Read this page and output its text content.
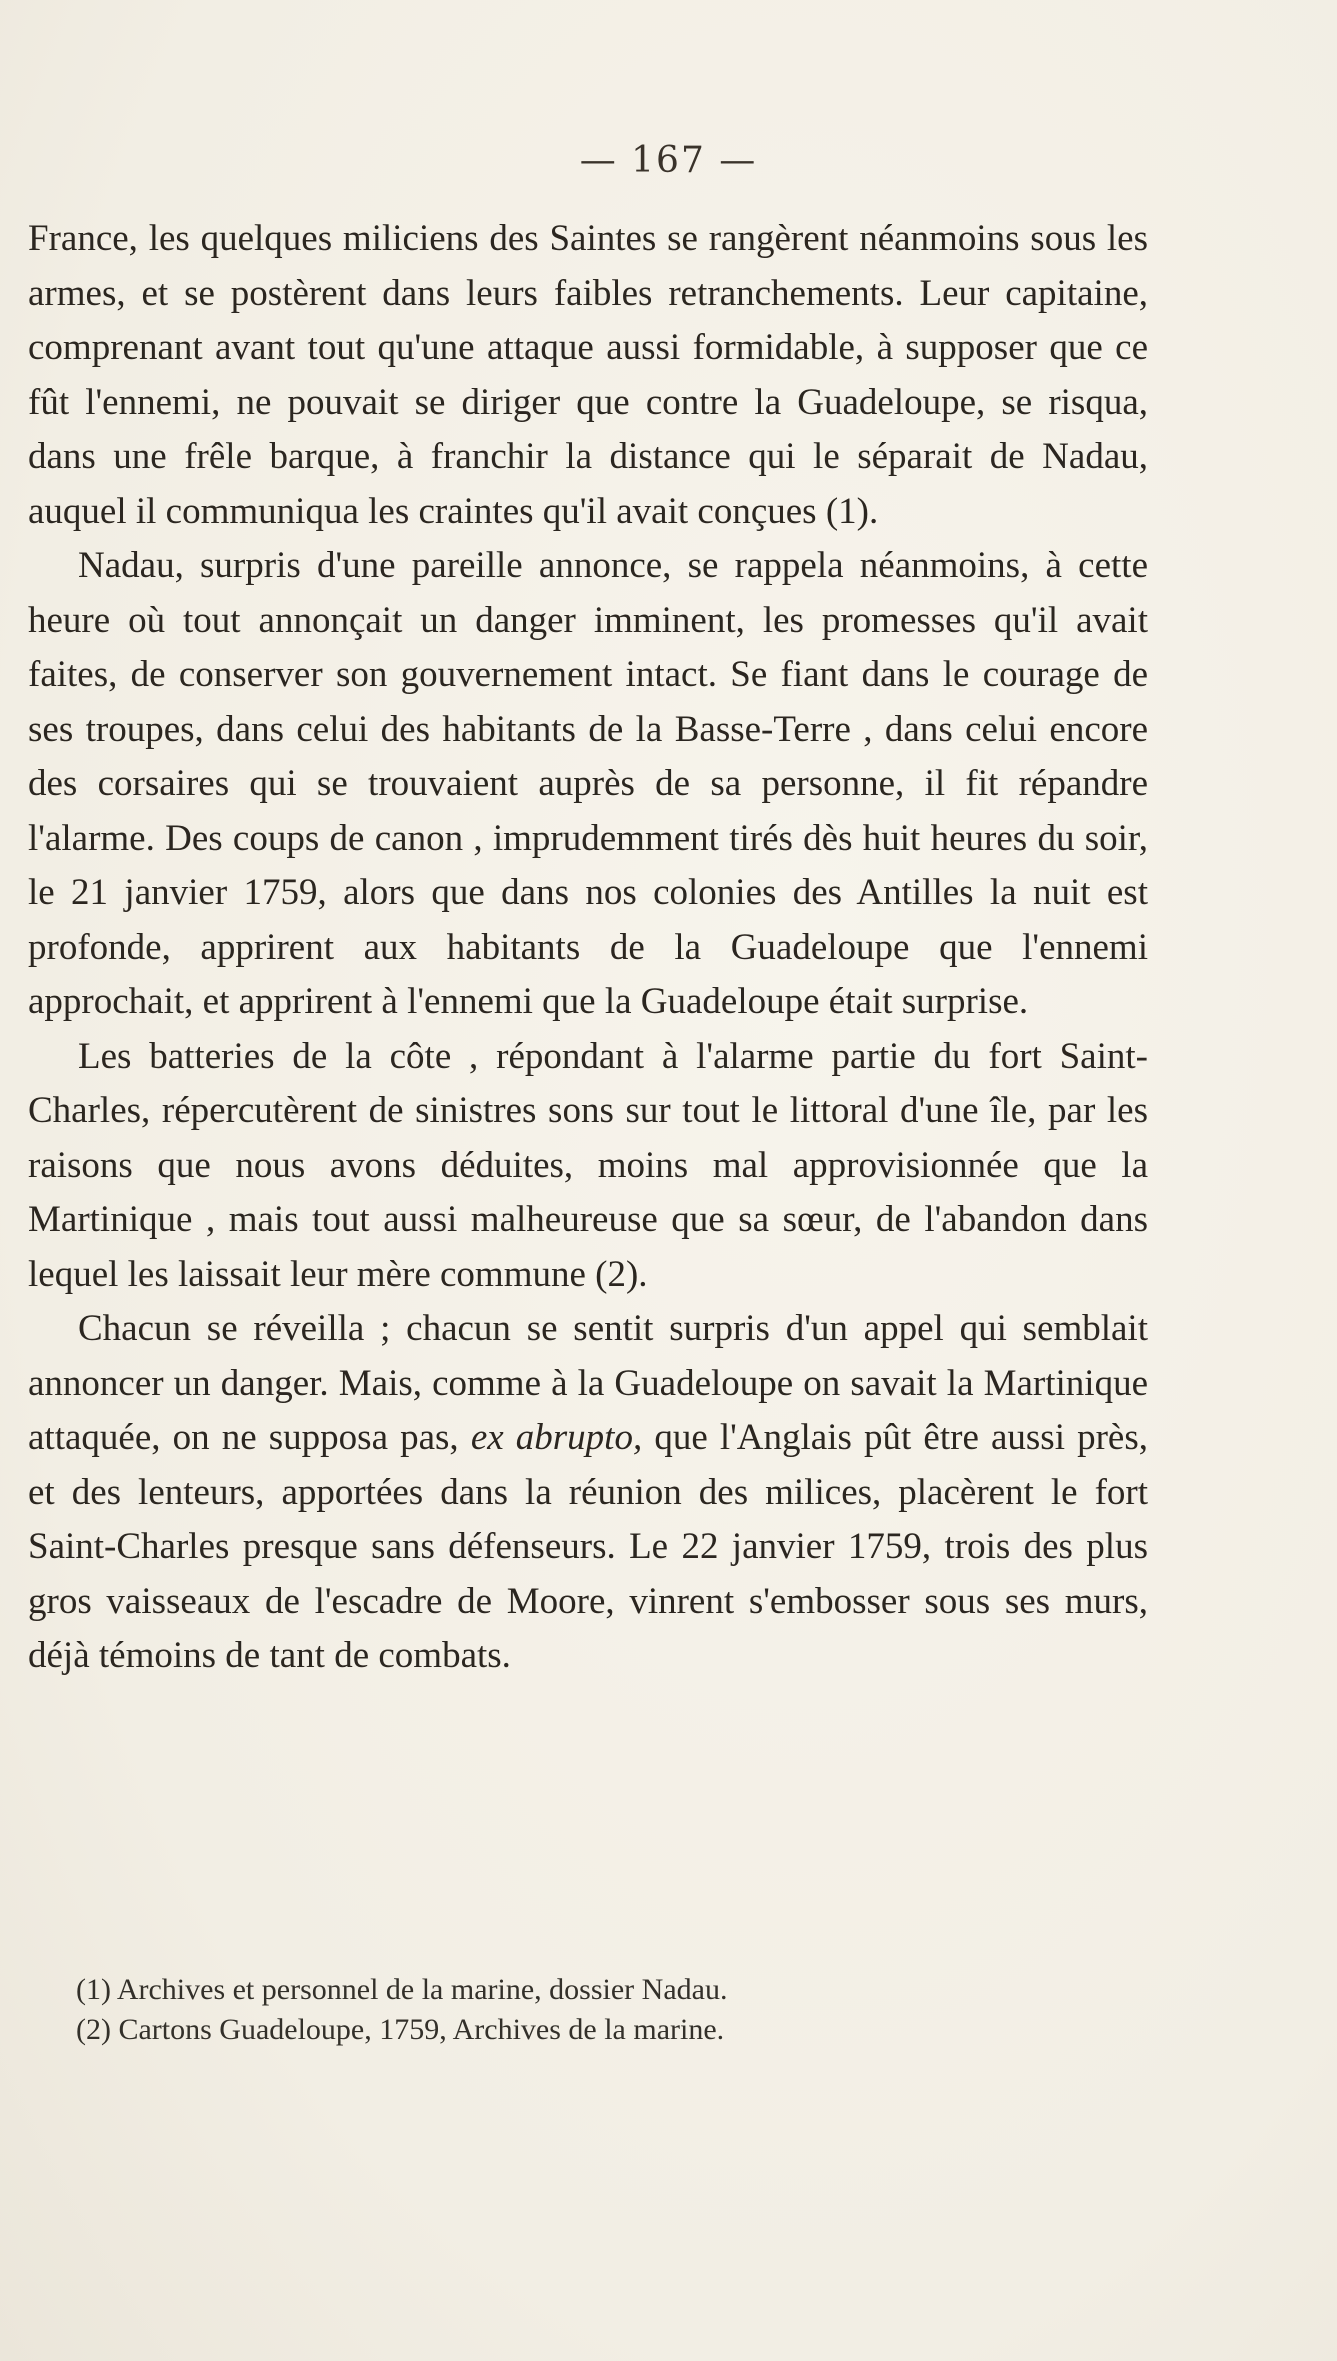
— 167 —

France, les quelques miliciens des Saintes se rangèrent néanmoins sous les armes, et se postèrent dans leurs faibles retranchements. Leur capitaine, comprenant avant tout qu'une attaque aussi formidable, à supposer que ce fût l'ennemi, ne pouvait se diriger que contre la Guadeloupe, se risqua, dans une frêle barque, à franchir la distance qui le séparait de Nadau, auquel il communiqua les craintes qu'il avait conçues (1).

Nadau, surpris d'une pareille annonce, se rappela néanmoins, à cette heure où tout annonçait un danger imminent, les promesses qu'il avait faites, de conserver son gouvernement intact. Se fiant dans le courage de ses troupes, dans celui des habitants de la Basse-Terre , dans celui encore des corsaires qui se trouvaient auprès de sa personne, il fit répandre l'alarme. Des coups de canon , imprudemment tirés dès huit heures du soir, le 21 janvier 1759, alors que dans nos colonies des Antilles la nuit est profonde, apprirent aux habitants de la Guadeloupe que l'ennemi approchait, et apprirent à l'ennemi que la Guadeloupe était surprise.

Les batteries de la côte , répondant à l'alarme partie du fort Saint-Charles, répercutèrent de sinistres sons sur tout le littoral d'une île, par les raisons que nous avons déduites, moins mal approvisionnée que la Martinique , mais tout aussi malheureuse que sa sœur, de l'abandon dans lequel les laissait leur mère commune (2).

Chacun se réveilla ; chacun se sentit surpris d'un appel qui semblait annoncer un danger. Mais, comme à la Guadeloupe on savait la Martinique attaquée, on ne supposa pas, ex abrupto, que l'Anglais pût être aussi près, et des lenteurs, apportées dans la réunion des milices, placèrent le fort Saint-Charles presque sans défenseurs. Le 22 janvier 1759, trois des plus gros vaisseaux de l'escadre de Moore, vinrent s'embosser sous ses murs, déjà témoins de tant de combats.

(1) Archives et personnel de la marine, dossier Nadau.

(2) Cartons Guadeloupe, 1759, Archives de la marine.
